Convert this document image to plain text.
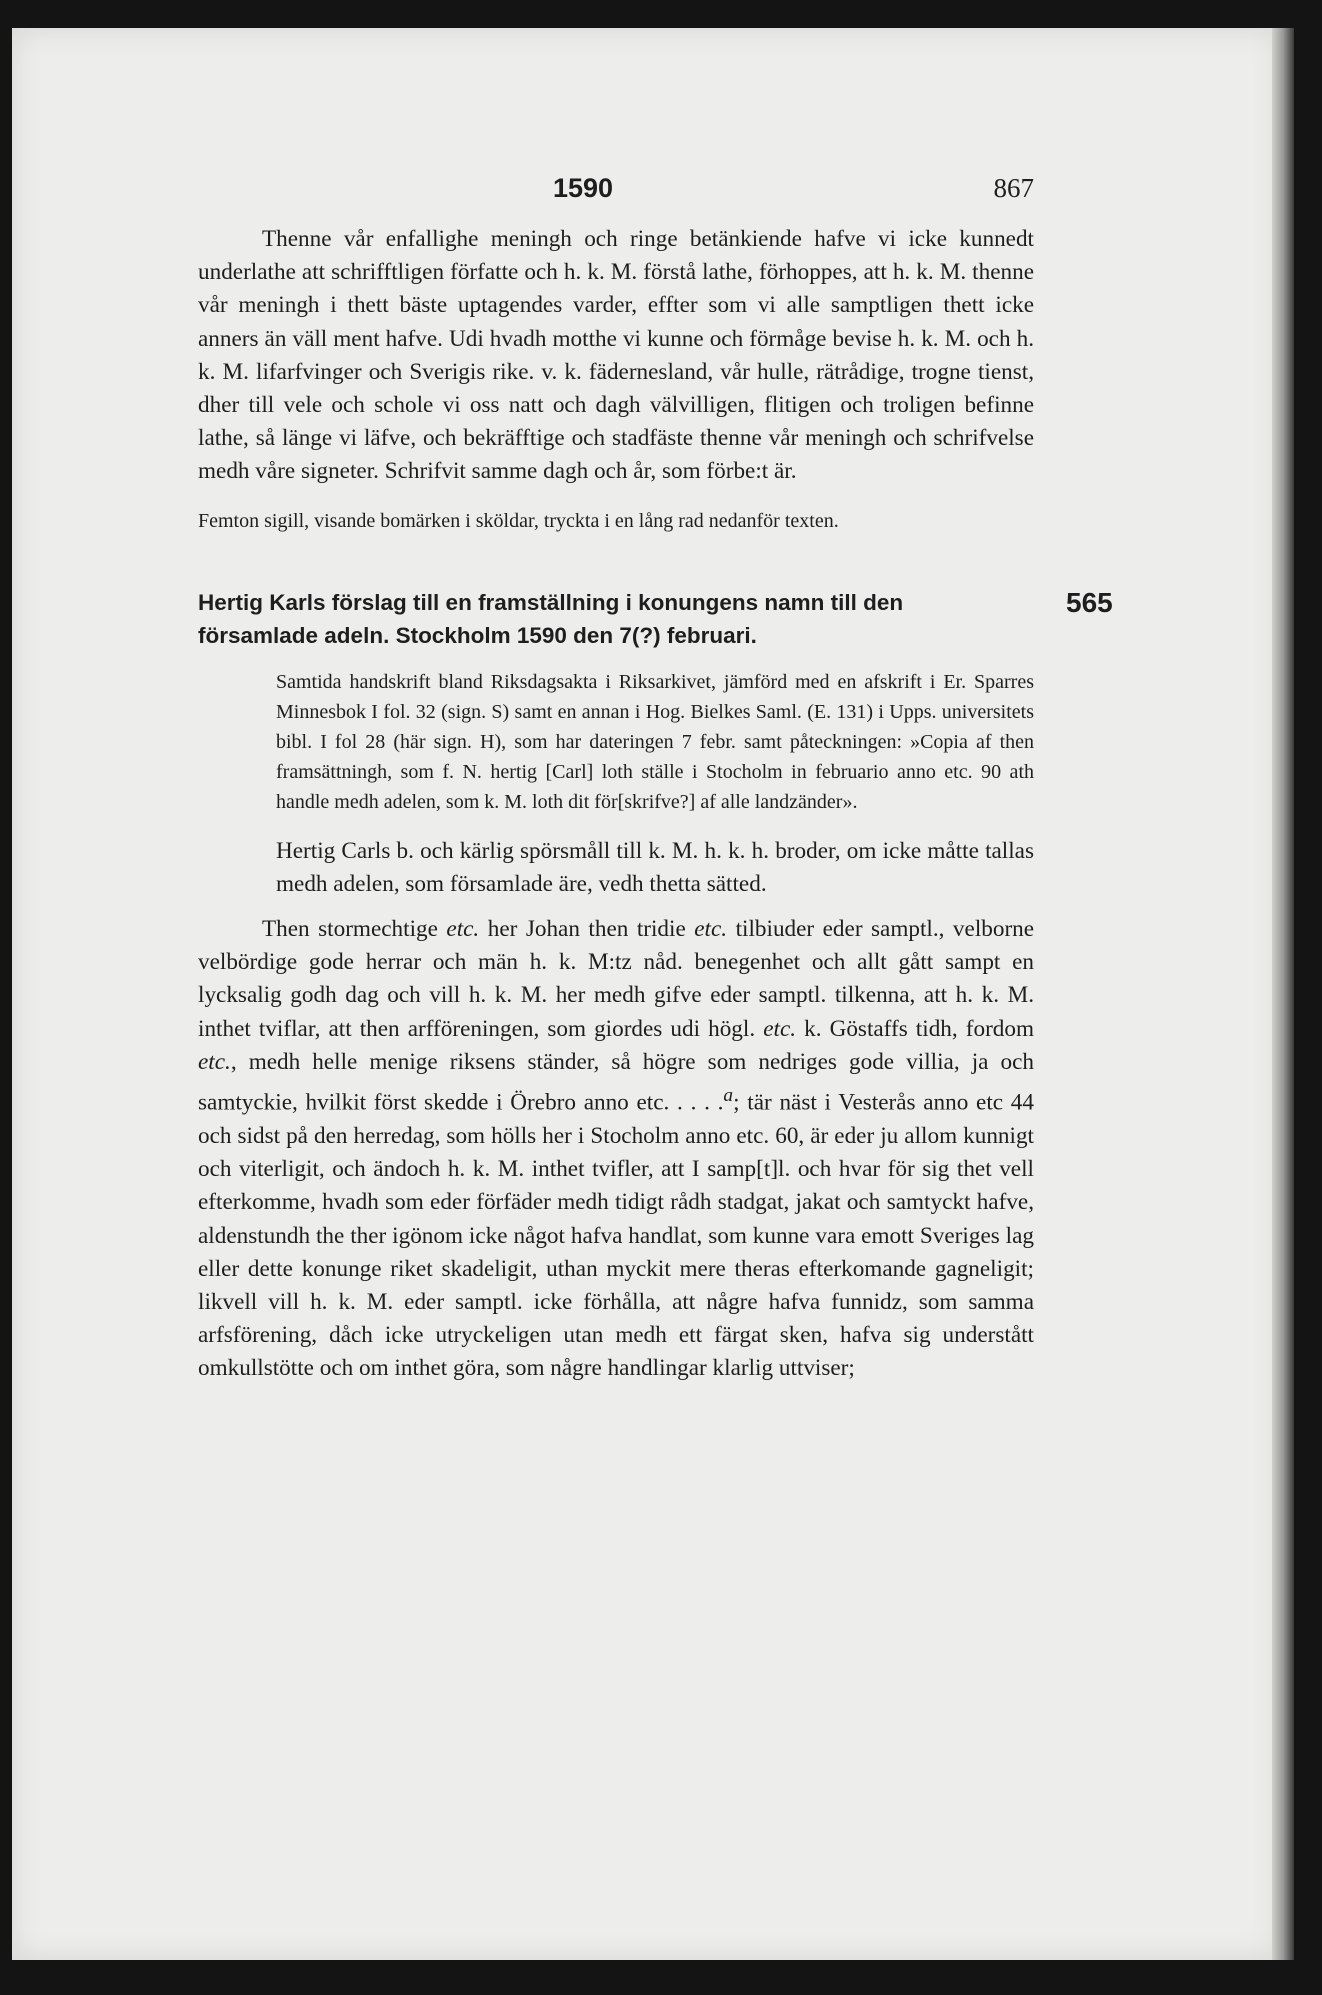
1590	867

Thenne vår enfallighe meningh och ringe betänkiende hafve vi icke kunnedt underlathe att schrifftligen författe och h. k. M. förstå lathe, förhoppes, att h. k. M. thenne vår meningh i thett bäste uptagendes varder, effter som vi alle samptligen thett icke anners än väll ment hafve. Udi hvadh motthe vi kunne och förmåge bevise h. k. M. och h. k. M. lifarfvinger och Sverigis rike. v. k. fädernesland, vår hulle, rätrådige, trogne tienst, dher till vele och schole vi oss natt och dagh välvilligen, flitigen och troligen befinne lathe, så länge vi läfve, och bekräfftige och stadfäste thenne vår meningh och schrifvelse medh våre signeter. Schrifvit samme dagh och år, som förbe:t är.

Femton sigill, visande bomärken i sköldar, tryckta i en lång rad nedanför texten.

565
Hertig Karls förslag till en framställning i konungens namn till den

församlade adeln. Stockholm 1590 den 7(?) februari.

Samtida handskrift bland Riksdagsakta i Riksarkivet, jämförd med en afskrift i Er. Sparres Minnesbok I fol. 32 (sign. S) samt en annan i Hog. Bielkes Saml. (E. 131) i Upps. universitets bibl. I fol 28 (här sign. H), som har dateringen 7 febr. samt påteckningen: »Copia af then framsättningh, som f. N. hertig [Carl] loth ställe i Stocholm in februario anno etc. 90 ath handle medh adelen, som k. M. loth dit för[skrifve?] af alle landzänder».

Hertig Carls b. och kärlig spörsmåll till k. M. h. k. h. broder, om icke måtte tallas medh adelen, som församlade äre, vedh thetta sätted.

Then stormechtige etc. her Johan then tridie etc. tilbiuder eder samptl., velborne velbördige gode herrar och män h. k. M:tz nåd. benegenhet och allt gått sampt en lycksalig godh dag och vill h. k. M. her medh gifve eder samptl. tilkenna, att h. k. M. inthet tviflar, att then arfföreningen, som giordes udi högl. etc. k. Göstaffs tidh, fordom etc., medh helle menige riksens ständer, så högre som nedriges gode villia, ja och samtyckie, hvilkit först skedde i Örebro anno etc. . . . .$^a$; tär näst i Vesterås anno etc 44 och sidst på den herredag, som hölls her i Stocholm anno etc. 60, är eder ju allom kunnigt och viterligit, och ändoch h. k. M. inthet tvifler, att I samp[t]l. och hvar för sig thet vell efterkomme, hvadh som eder förfäder medh tidigt rådh stadgat, jakat och samtyckt hafve, aldenstundh the ther igönom icke något hafva handlat, som kunne vara emott Sveriges lag eller dette konunge riket skadeligit, uthan myckit mere theras efterkomande gagneligit; likvell vill h. k. M. eder samptl. icke förhålla, att någre hafva funnidz, som samma arfsförening, dåch icke utryckeligen utan medh ett färgat sken, hafva sig understått omkullstötte och om inthet göra, som någre handlingar klarlig uttviser;
